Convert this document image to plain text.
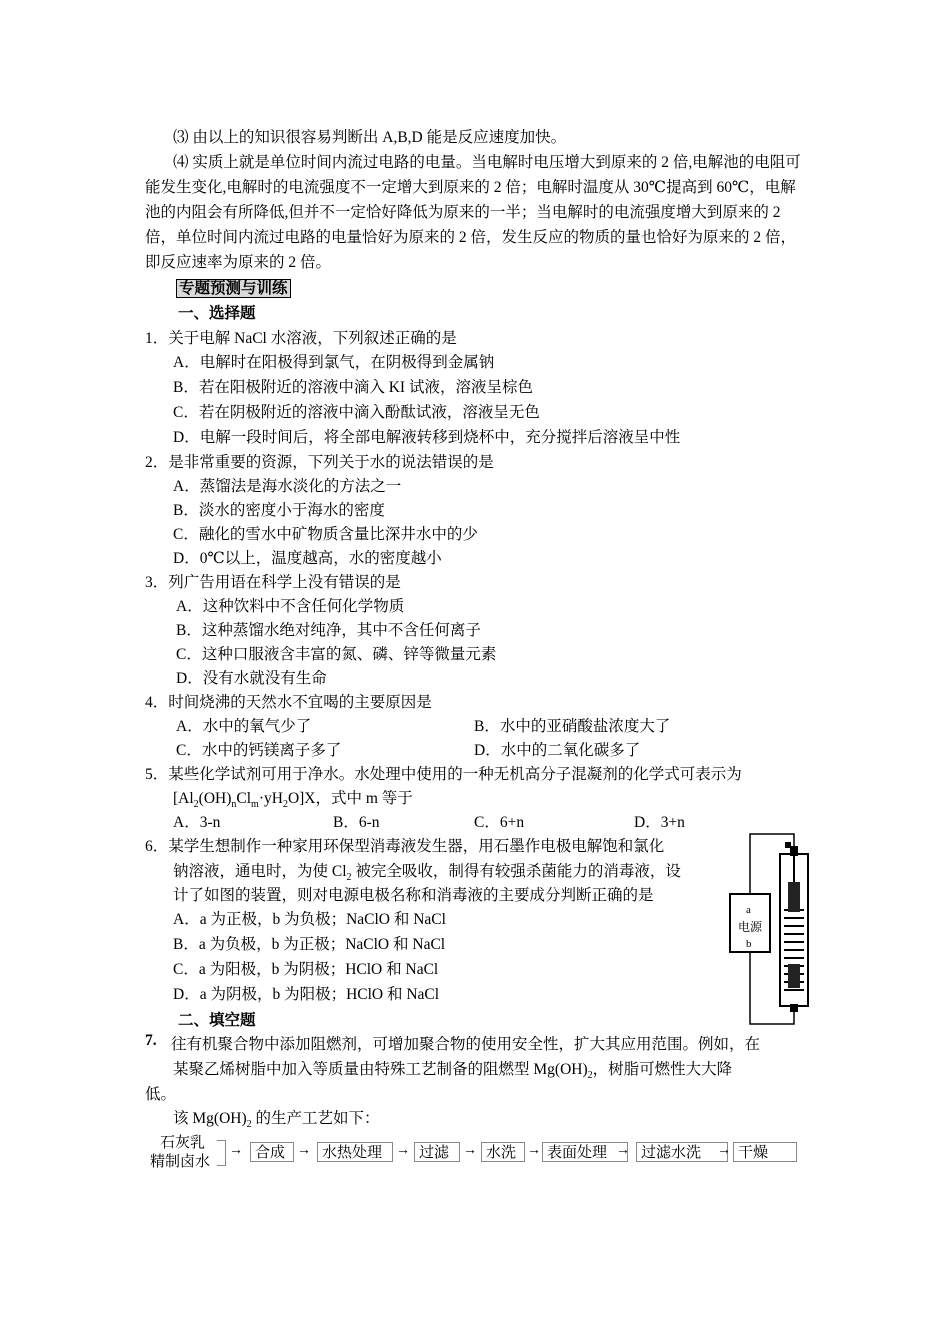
⑶ 由以上的知识很容易判断出 A,B,D 能是反应速度加快。
⑷ 实质上就是单位时间内流过电路的电量。当电解时电压增大到原来的 2 倍,电解池的电阻可能发生变化,电解时的电流强度不一定增大到原来的 2 倍；电解时温度从 30℃提高到 60℃，电解池的内阻会有所降低,但并不一定恰好降低为原来的一半；当电解时的电流强度增大到原来的 2 倍，单位时间内流过电路的电量恰好为原来的 2 倍，发生反应的物质的量也恰好为原来的 2 倍，即反应速率为原来的 2 倍。
专题预测与训练
一、选择题
1．关于电解 NaCl 水溶液，下列叙述正确的是
A．电解时在阳极得到氯气，在阴极得到金属钠
B．若在阳极附近的溶液中滴入 KI 试液，溶液呈棕色
C．若在阴极附近的溶液中滴入酚酞试液，溶液呈无色
D．电解一段时间后，将全部电解液转移到烧杯中，充分搅拌后溶液呈中性
2．是非常重要的资源，下列关于水的说法错误的是
A．蒸馏法是海水淡化的方法之一
B．淡水的密度小于海水的密度
C．融化的雪水中矿物质含量比深井水中的少
D．0℃以上，温度越高，水的密度越小
3．列广告用语在科学上没有错误的是
A．这种饮料中不含任何化学物质
B．这种蒸馏水绝对纯净，其中不含任何离子
C．这种口服液含丰富的氮、磷、锌等微量元素
D．没有水就没有生命
4．时间烧沸的天然水不宜喝的主要原因是
A．水中的氧气少了	B．水中的亚硝酸盐浓度大了
C．水中的钙镁离子多了	D．水中的二氧化碳多了
5．某些化学试剂可用于净水。水处理中使用的一种无机高分子混凝剂的化学式可表示为
$[Al_2(OH)_nCl_m\cdot yH_2O]X$，式中 m 等于
A．3-n	B．6-n	C．6+n	D．3+n
6．某学生想制作一种家用环保型消毒液发生器，用石墨作电极电解饱和氯化
钠溶液，通电时，为使 $Cl_2$ 被完全吸收，制得有较强杀菌能力的消毒液，设
计了如图的装置，则对电源电极名称和消毒液的主要成分判断正确的是
A．a 为正极，b 为负极；NaClO 和 NaCl
B．a 为负极，b 为正极；NaClO 和 NaCl
C．a 为阳极，b 为阴极；HClO 和 NaCl
D．a 为阴极，b 为阳极；HClO 和 NaCl
a
电源
b
二、填空题
7. 往有机聚合物中添加阻燃剂，可增加聚合物的使用安全性，扩大其应用范围。例如，在
某聚乙烯树脂中加入等质量由特殊工艺制备的阻燃型 $Mg(OH)_2$，树脂可燃性大大降
低。
该 $Mg(OH)_2$ 的生产工艺如下：
石灰乳
精制卤水
→ 合成 → 水热处理 → 过滤 → 水洗 → 表面处理 → 过滤水洗	→ 干燥
